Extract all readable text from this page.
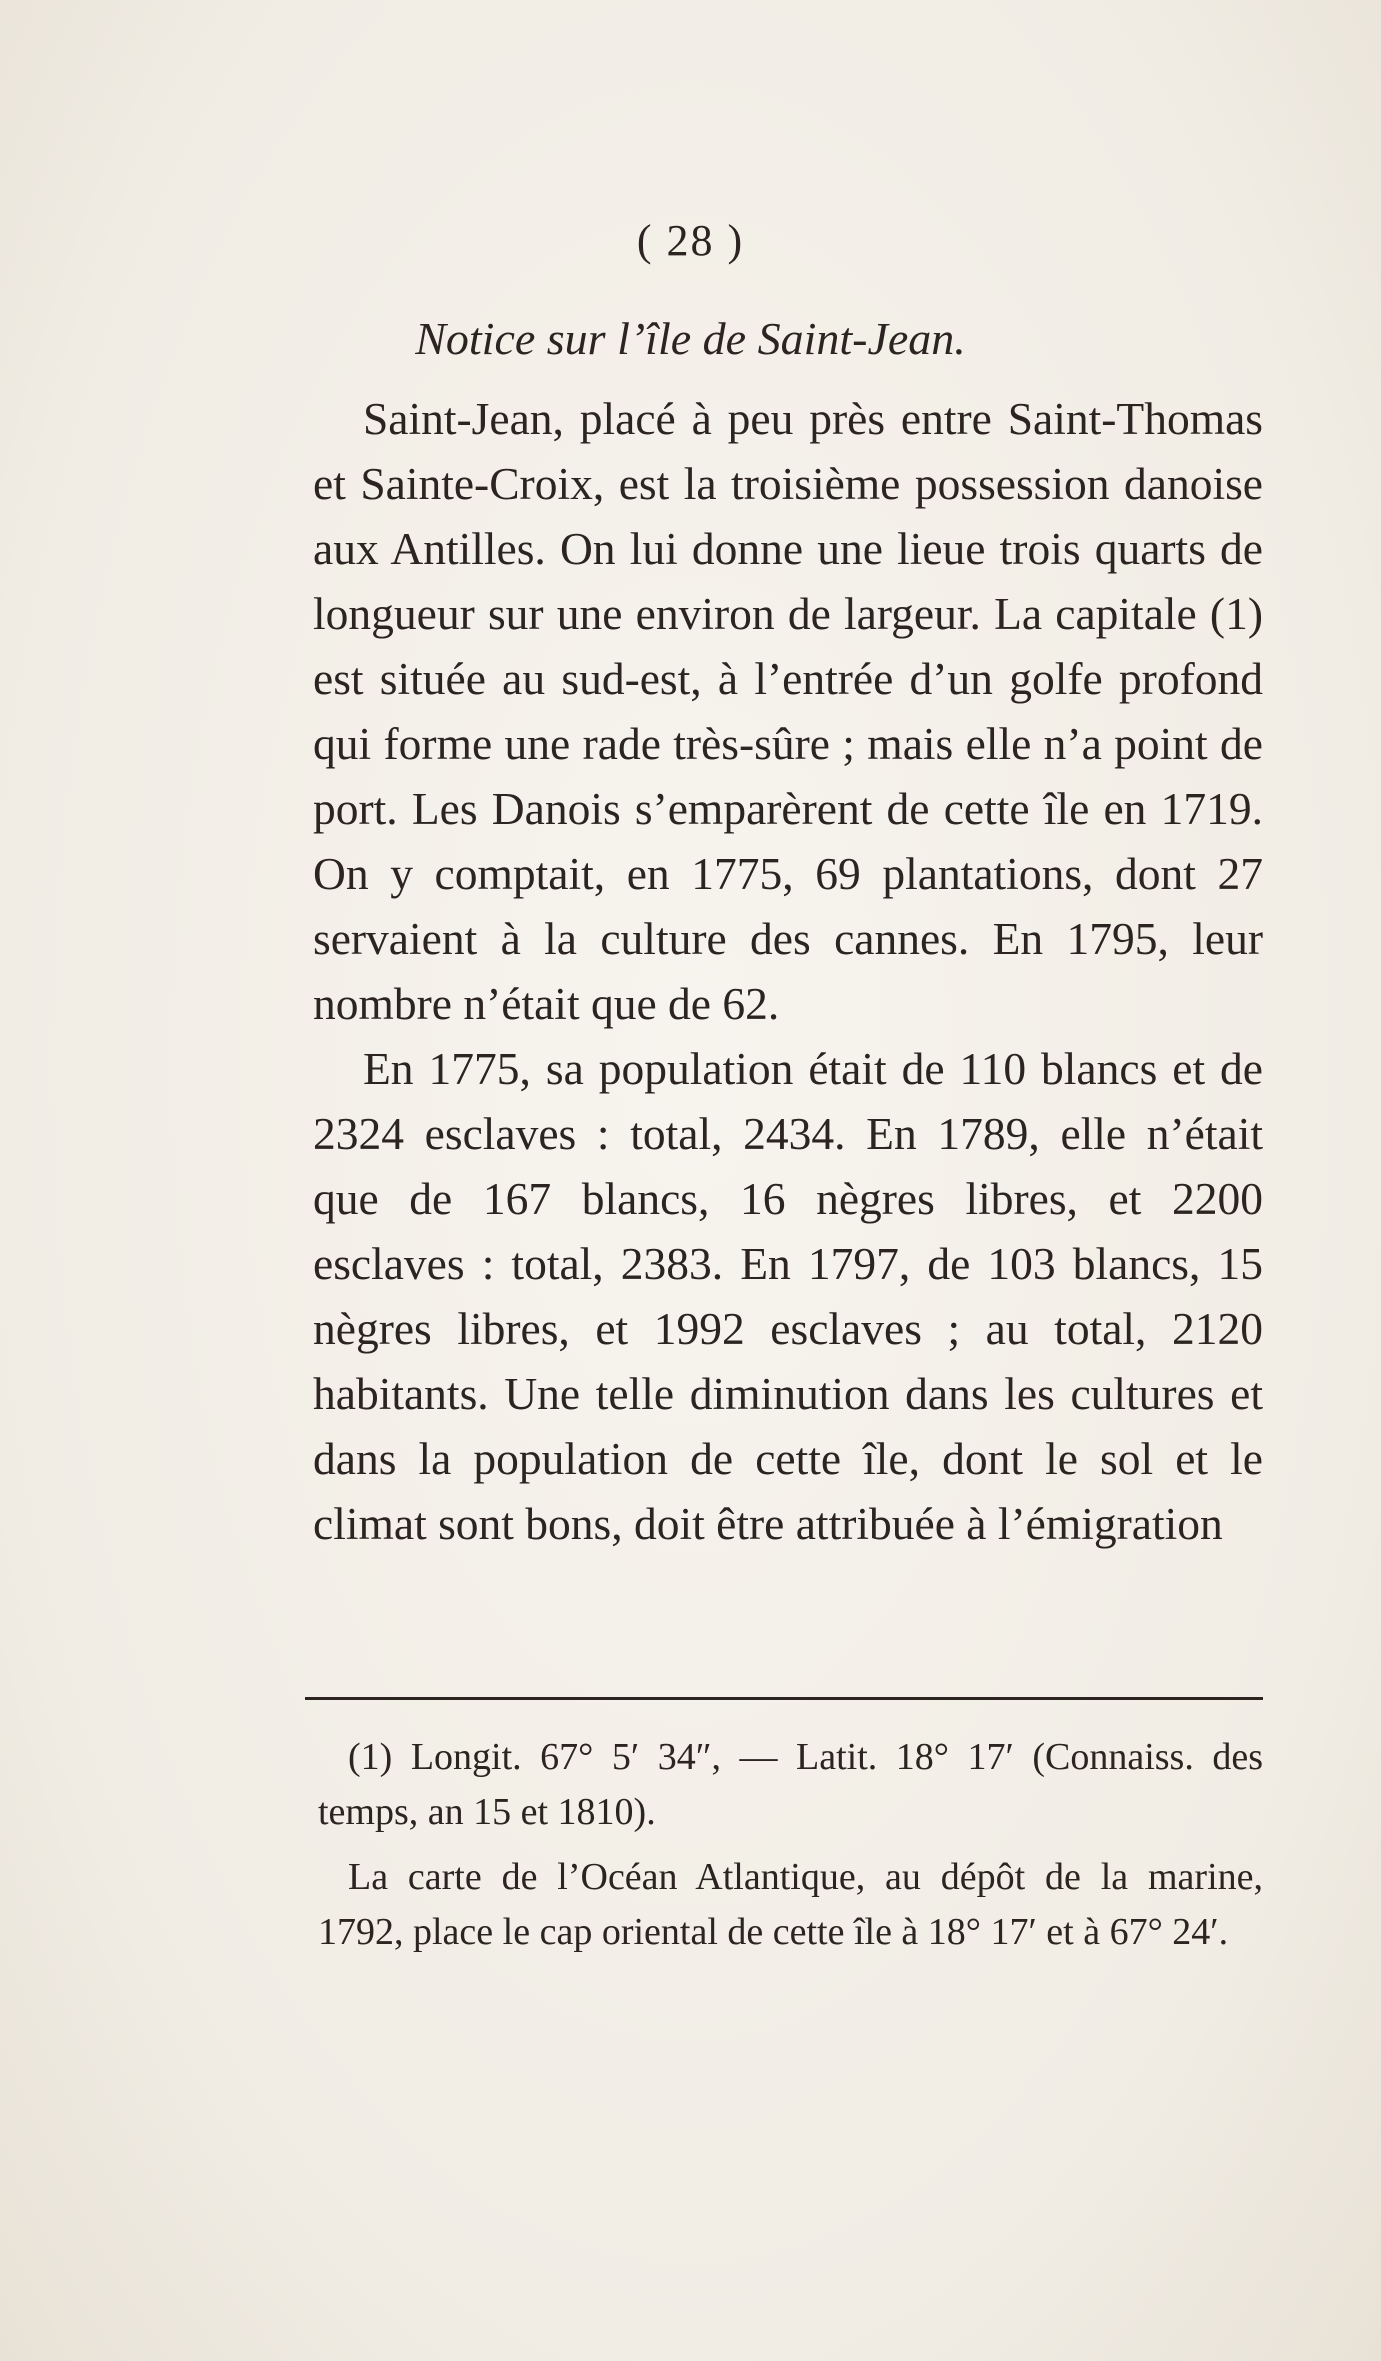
( 28 )
Notice sur l’île de Saint-Jean.

Saint-Jean, placé à peu près entre Saint-Thomas et Sainte-Croix, est la troisième possession danoise aux Antilles. On lui donne une lieue trois quarts de longueur sur une environ de largeur. La capitale (1) est située au sud-est, à l’entrée d’un golfe profond qui forme une rade très-sûre ; mais elle n’a point de port. Les Danois s’emparèrent de cette île en 1719. On y comptait, en 1775, 69 plantations, dont 27 servaient à la culture des cannes. En 1795, leur nombre n’était que de 62.

En 1775, sa population était de 110 blancs et de 2324 esclaves : total, 2434. En 1789, elle n’était que de 167 blancs, 16 nègres libres, et 2200 esclaves : total, 2383. En 1797, de 103 blancs, 15 nègres libres, et 1992 esclaves ; au total, 2120 habitants. Une telle diminution dans les cultures et dans la population de cette île, dont le sol et le climat sont bons, doit être attribuée à l’émigration

(1) Longit. 67° 5′ 34″, — Latit. 18° 17′ (Connaiss. des temps, an 15 et 1810).

La carte de l’Océan Atlantique, au dépôt de la marine, 1792, place le cap oriental de cette île à 18° 17′ et à 67° 24′.
